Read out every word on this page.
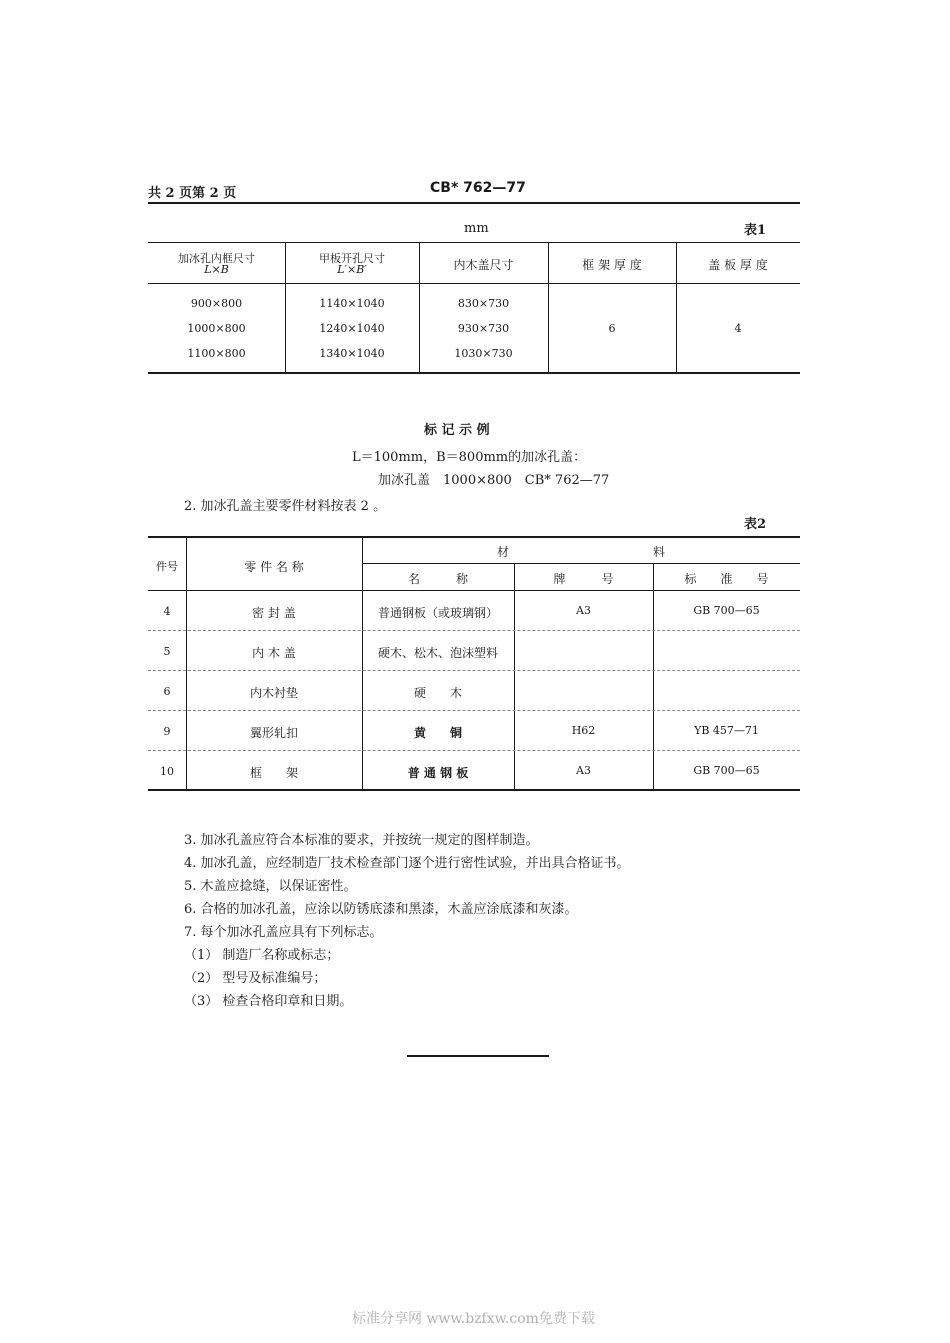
共 2 页第 2 页	CB* 762—77
mm	表1
加冰孔内框尺寸
L×B
甲板开孔尺寸
L′×B′	内木盖尺寸	框 架 厚 度	盖 板 厚 度
900×800	1140×1040	830×730
1000×800	1240×1040	930×730
1100×800	1340×1040	1030×730
6	4
标 记 示 例
L＝100mm，B＝800mm的加冰孔盖：
加冰孔盖　1000×800　CB* 762—77
2. 加冰孔盖主要零件材料按表 2 。
表2
件号	零 件 名 称
材　　　　　　　　　　　　料
名　　　称	牌　　　号	标　　准　　号
4	密 封 盖	普通钢板（或玻璃钢）	A3	GB 700—65
5	内 木 盖	硬木、松木、泡沫塑料
6	内木衬垫	硬　　木
9	翼形轧扣	黄　　铜	H62	YB 457—71
10	框　　架	普 通 钢 板	A3	GB 700—65
3. 加冰孔盖应符合本标准的要求，并按统一规定的图样制造。
4. 加冰孔盖，应经制造厂技术检查部门逐个进行密性试验，并出具合格证书。
5. 木盖应捻缝，以保证密性。
6. 合格的加冰孔盖，应涂以防锈底漆和黑漆，木盖应涂底漆和灰漆。
7. 每个加冰孔盖应具有下列标志。
（1） 制造厂名称或标志；
（2） 型号及标准编号；
（3） 检查合格印章和日期。
标准分享网 www.bzfxw.com免费下载
